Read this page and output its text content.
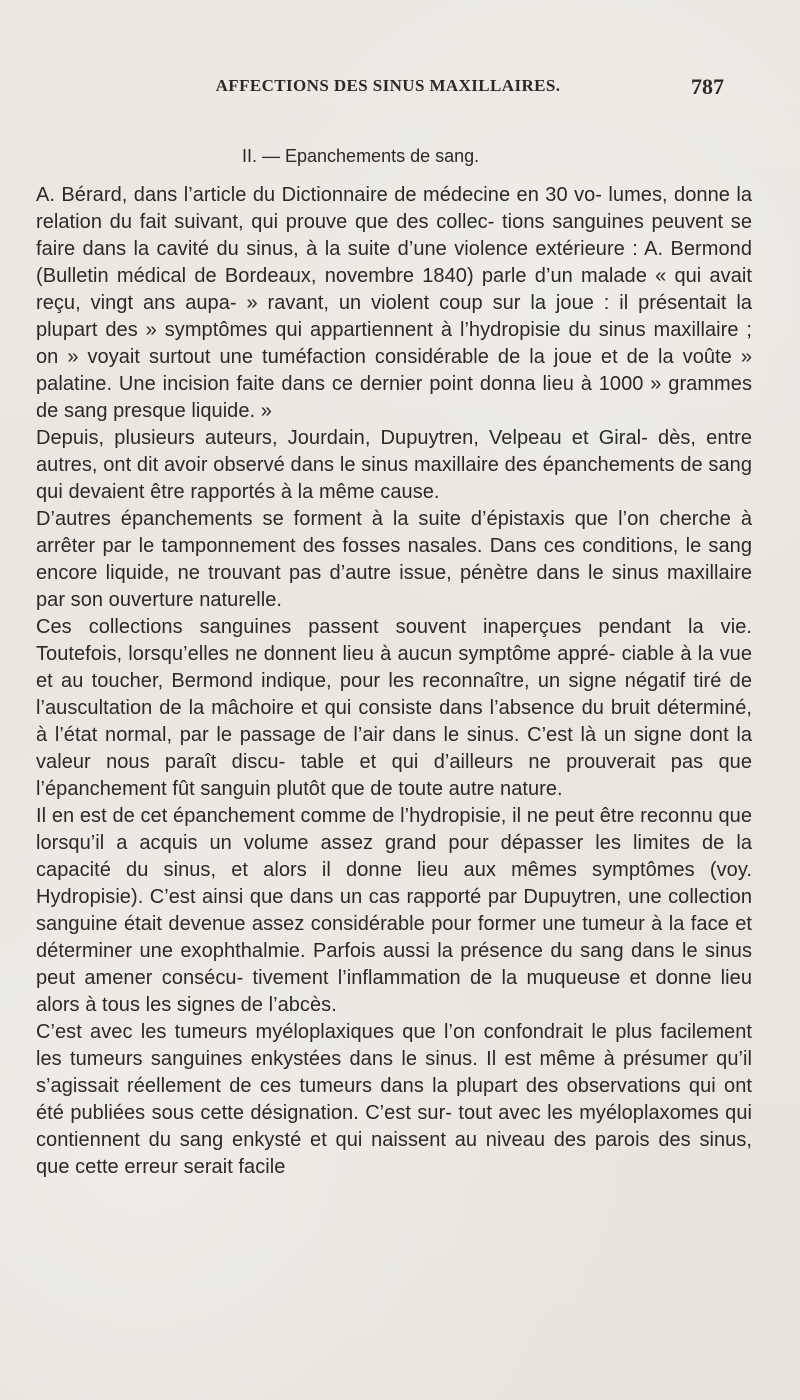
AFFECTIONS DES SINUS MAXILLAIRES.	787
II. — Epanchements de sang.

A. Bérard, dans l’article du Dictionnaire de médecine en 30 vo- lumes, donne la relation du fait suivant, qui prouve que des collec- tions sanguines peuvent se faire dans la cavité du sinus, à la suite d’une violence extérieure : A. Bermond (Bulletin médical de Bordeaux, novembre 1840) parle d’un malade « qui avait reçu, vingt ans aupa- » ravant, un violent coup sur la joue : il présentait la plupart des » symptômes qui appartiennent à l’hydropisie du sinus maxillaire ; on » voyait surtout une tuméfaction considérable de la joue et de la voûte » palatine. Une incision faite dans ce dernier point donna lieu à 1000 » grammes de sang presque liquide. »

Depuis, plusieurs auteurs, Jourdain, Dupuytren, Velpeau et Giral- dès, entre autres, ont dit avoir observé dans le sinus maxillaire des épanchements de sang qui devaient être rapportés à la même cause.

D’autres épanchements se forment à la suite d’épistaxis que l’on cherche à arrêter par le tamponnement des fosses nasales. Dans ces conditions, le sang encore liquide, ne trouvant pas d’autre issue, pénètre dans le sinus maxillaire par son ouverture naturelle.

Ces collections sanguines passent souvent inaperçues pendant la vie. Toutefois, lorsqu’elles ne donnent lieu à aucun symptôme appré- ciable à la vue et au toucher, Bermond indique, pour les reconnaître, un signe négatif tiré de l’auscultation de la mâchoire et qui consiste dans l’absence du bruit déterminé, à l’état normal, par le passage de l’air dans le sinus. C’est là un signe dont la valeur nous paraît discu- table et qui d’ailleurs ne prouverait pas que l’épanchement fût sanguin plutôt que de toute autre nature.

Il en est de cet épanchement comme de l’hydropisie, il ne peut être reconnu que lorsqu’il a acquis un volume assez grand pour dépasser les limites de la capacité du sinus, et alors il donne lieu aux mêmes symptômes (voy. Hydropisie). C’est ainsi que dans un cas rapporté par Dupuytren, une collection sanguine était devenue assez considérable pour former une tumeur à la face et déterminer une exophthalmie. Parfois aussi la présence du sang dans le sinus peut amener consécu- tivement l’inflammation de la muqueuse et donne lieu alors à tous les signes de l’abcès.

C’est avec les tumeurs myéloplaxiques que l’on confondrait le plus facilement les tumeurs sanguines enkystées dans le sinus. Il est même à présumer qu’il s’agissait réellement de ces tumeurs dans la plupart des observations qui ont été publiées sous cette désignation. C’est sur- tout avec les myéloplaxomes qui contiennent du sang enkysté et qui naissent au niveau des parois des sinus, que cette erreur serait facile
